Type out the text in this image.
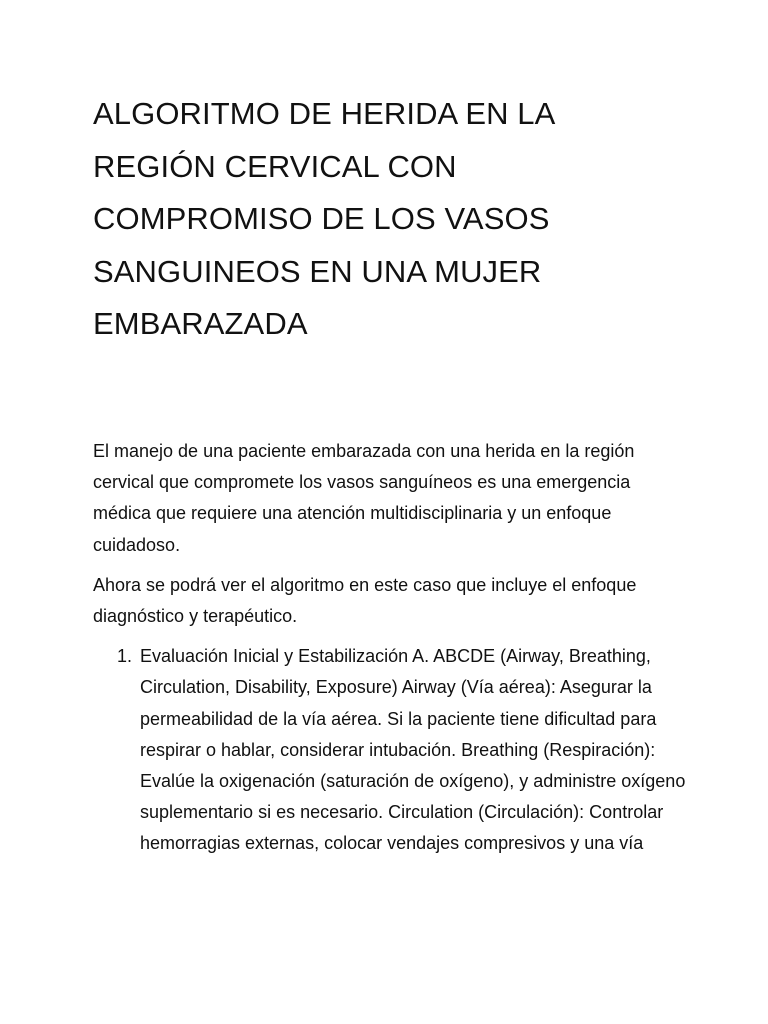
ALGORITMO DE HERIDA EN LA
REGIÓN CERVICAL CON
COMPROMISO DE LOS VASOS
SANGUINEOS EN UNA MUJER
EMBARAZADA

El manejo de una paciente embarazada con una herida en la región cervical que compromete los vasos sanguíneos es una emergencia médica que requiere una atención multidisciplinaria y un enfoque cuidadoso.

Ahora se podrá ver el algoritmo en este caso que incluye el enfoque diagnóstico y terapéutico.

1. Evaluación Inicial y Estabilización A. ABCDE (Airway, Breathing, Circulation, Disability, Exposure) Airway (Vía aérea): Asegurar la permeabilidad de la vía aérea. Si la paciente tiene dificultad para respirar o hablar, considerar intubación. Breathing (Respiración): Evalúe la oxigenación (saturación de oxígeno), y administre oxígeno suplementario si es necesario. Circulation (Circulación): Controlar hemorragias externas, colocar vendajes compresivos y una vía
